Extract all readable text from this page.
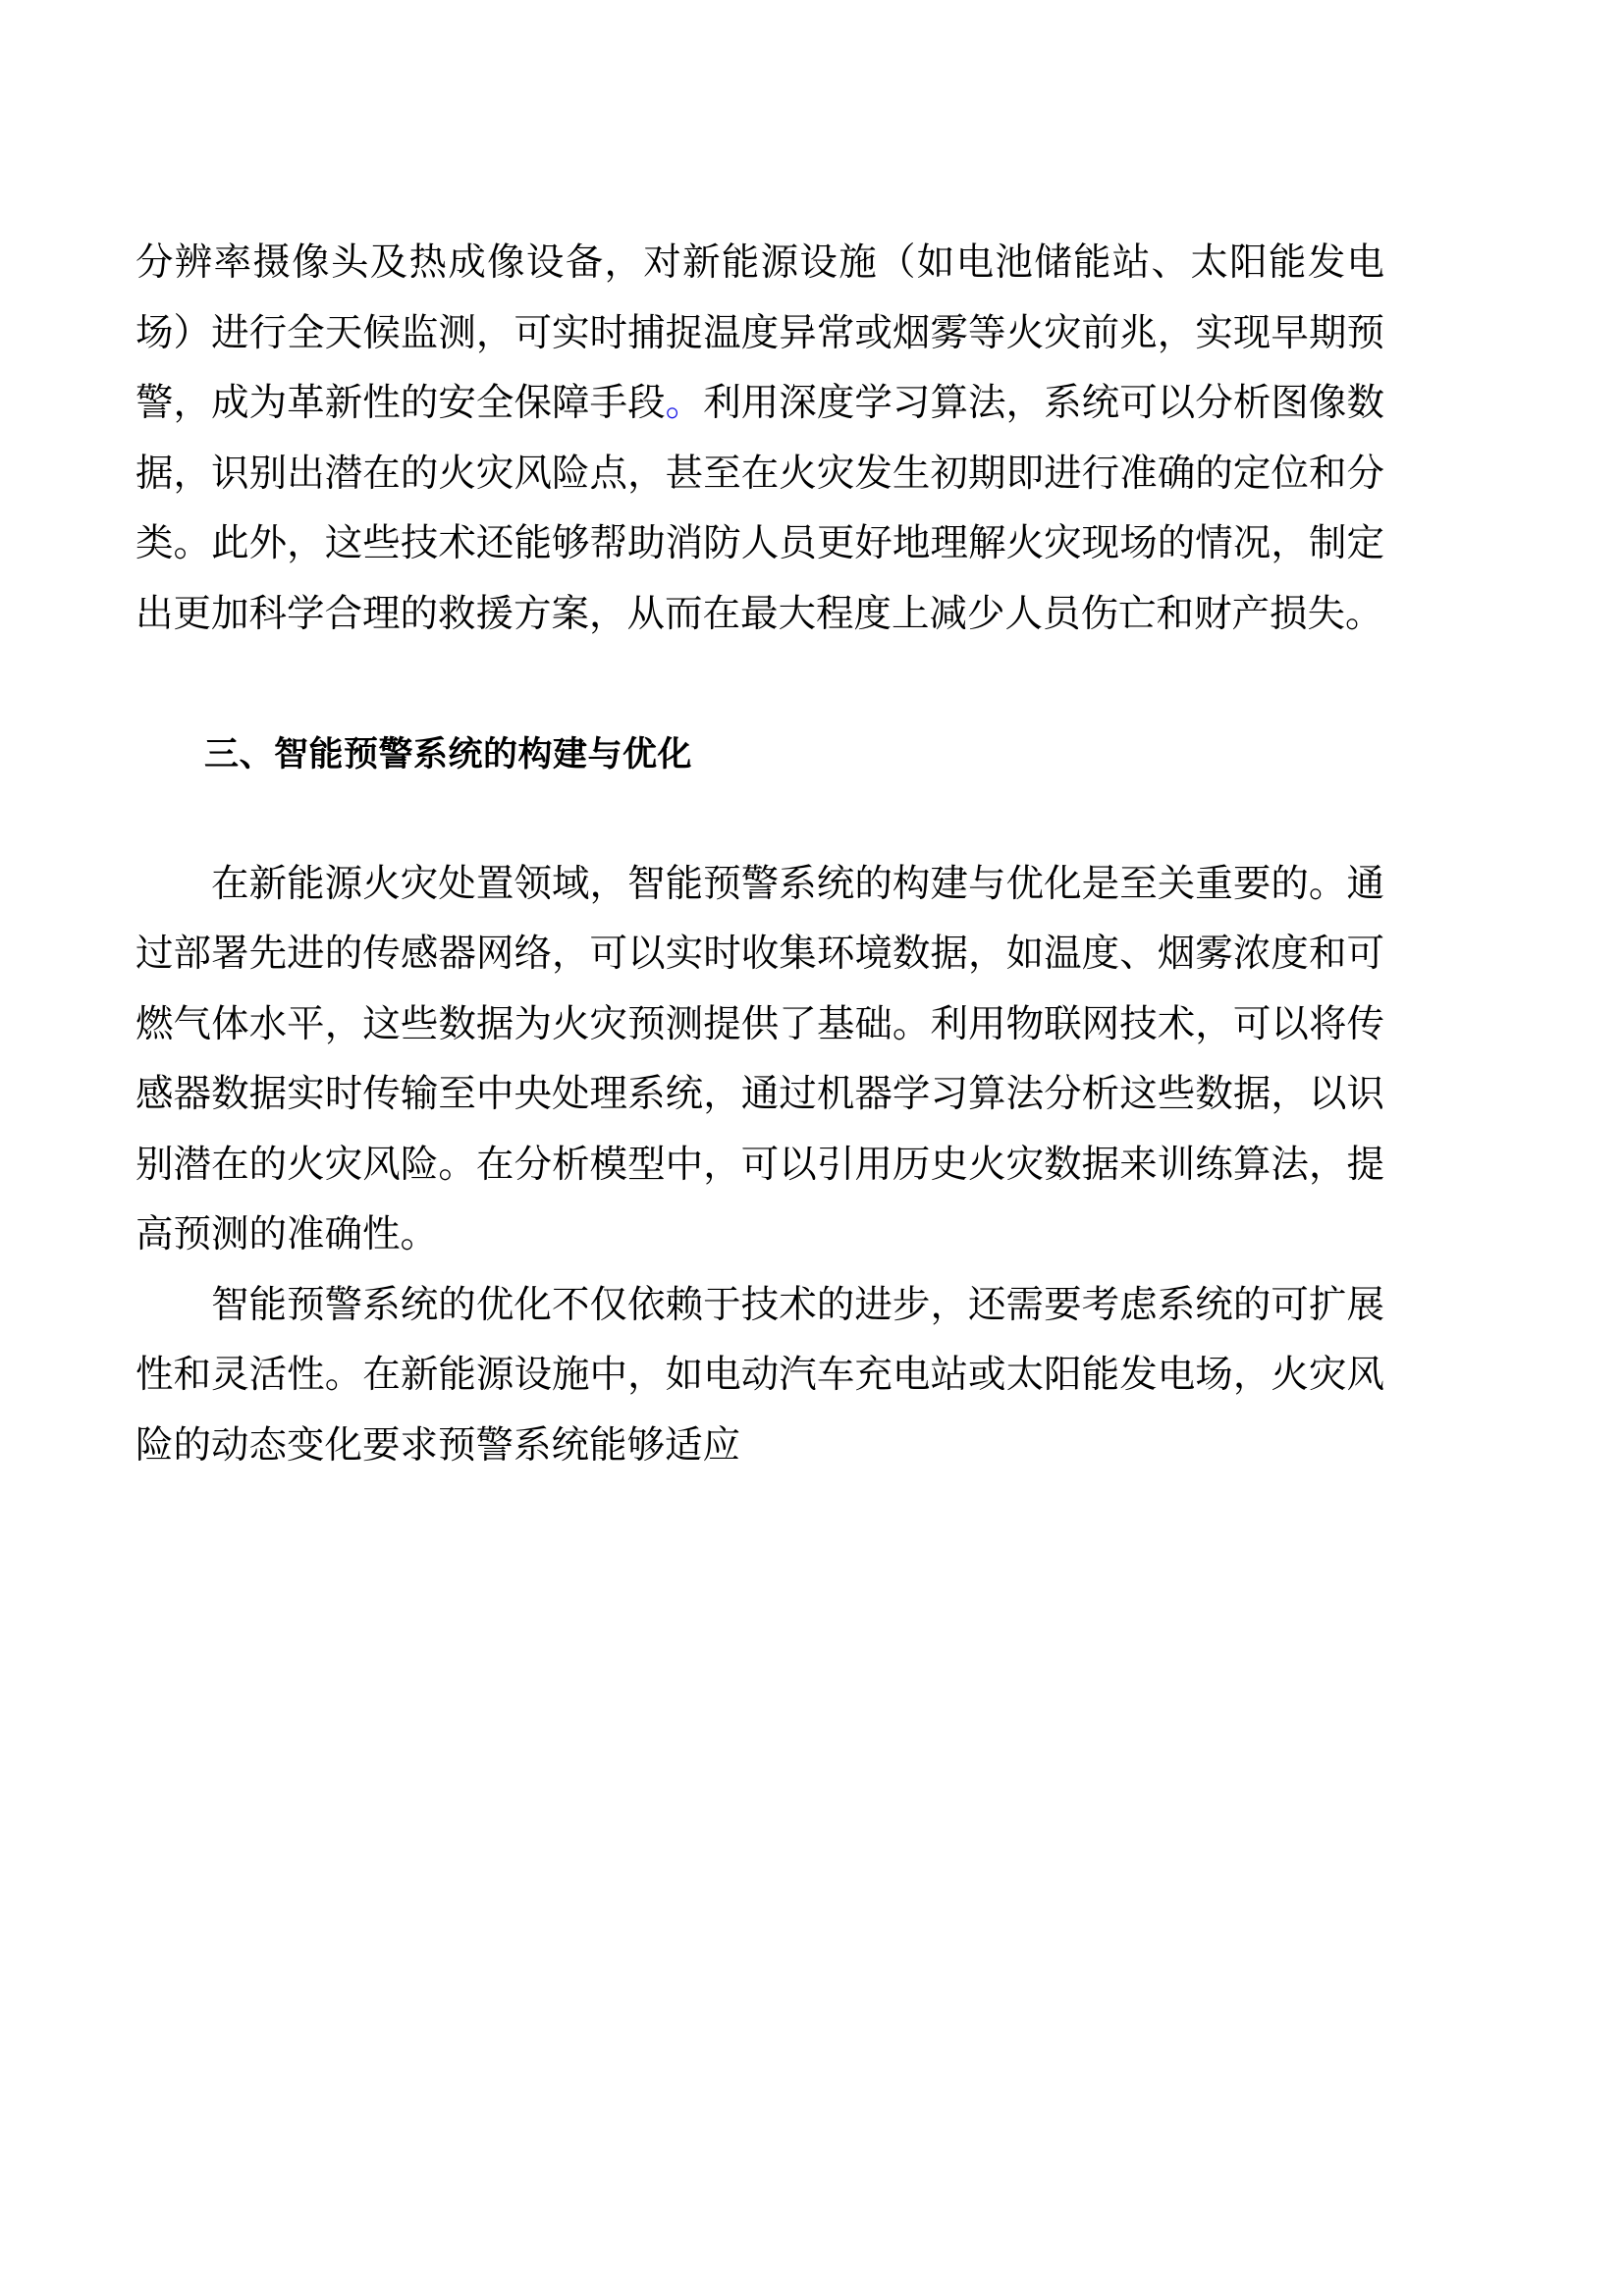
分辨率摄像头及热成像设备，对新能源设施（如电池储能站、太阳能发电场）进行全天候监测，可实时捕捉温度异常或烟雾等火灾前兆，实现早期预警，成为革新性的安全保障手段。利用深度学习算法，系统可以分析图像数据，识别出潜在的火灾风险点，甚至在火灾发生初期即进行准确的定位和分类。此外，这些技术还能够帮助消防人员更好地理解火灾现场的情况，制定出更加科学合理的救援方案，从而在最大程度上减少人员伤亡和财产损失。

三、智能预警系统的构建与优化

在新能源火灾处置领域，智能预警系统的构建与优化是至关重要的。通过部署先进的传感器网络，可以实时收集环境数据，如温度、烟雾浓度和可燃气体水平，这些数据为火灾预测提供了基础。利用物联网技术，可以将传感器数据实时传输至中央处理系统，通过机器学习算法分析这些数据，以识别潜在的火灾风险。在分析模型中，可以引用历史火灾数据来训练算法，提高预测的准确性。

智能预警系统的优化不仅依赖于技术的进步，还需要考虑系统的可扩展性和灵活性。在新能源设施中，如电动汽车充电站或太阳能发电场，火灾风险的动态变化要求预警系统能够适应
